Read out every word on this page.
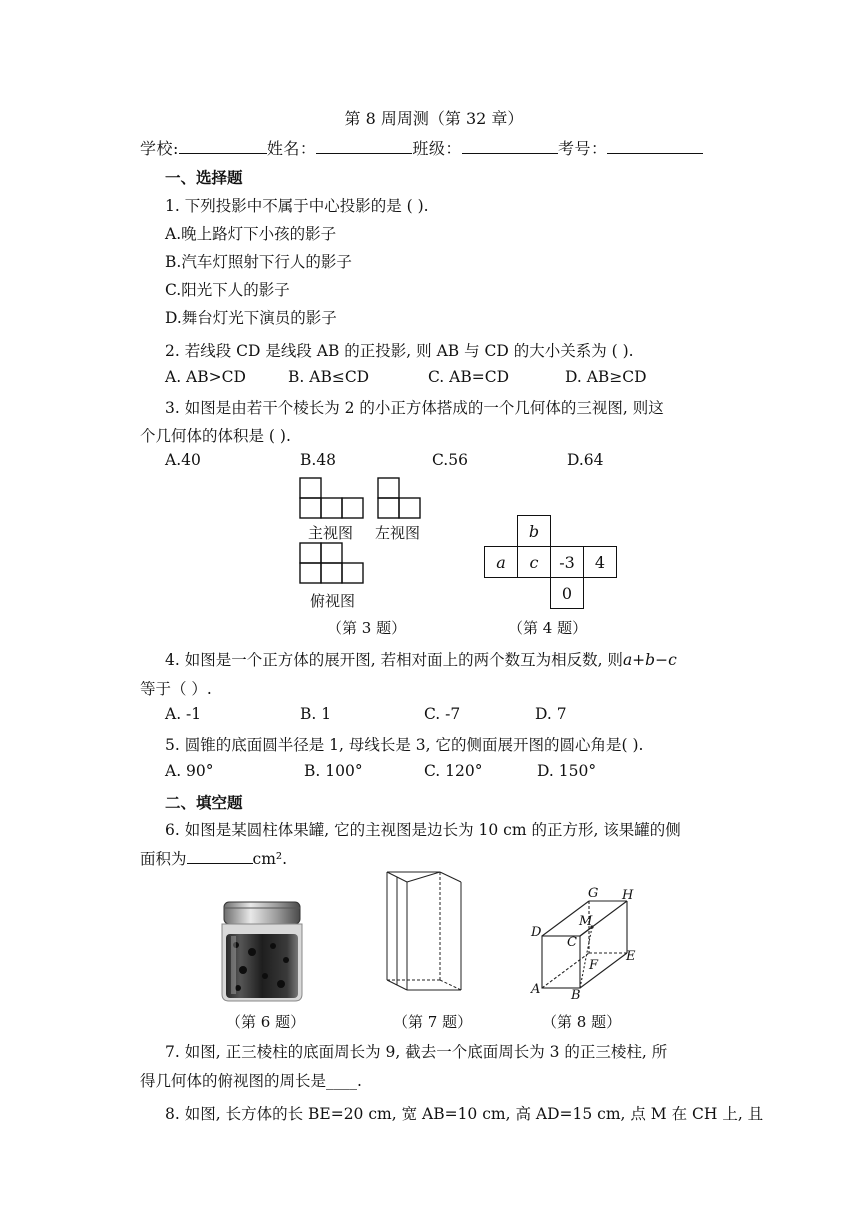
第 8 周周测（第 32 章）
学校:	姓名：	班级：	考号：
一、选择题
1. 下列投影中不属于中心投影的是 ( ).
A.晚上路灯下小孩的影子
B.汽车灯照射下行人的影子
C.阳光下人的影子
D.舞台灯光下演员的影子
2. 若线段 CD 是线段 AB 的正投影, 则 AB 与 CD 的大小关系为 ( ).
A. AB>CD	B. AB≤CD	C. AB=CD	D. AB≥CD
3. 如图是由若干个棱长为 2 的小正方体搭成的一个几何体的三视图, 则这
个几何体的体积是 ( ).
A.40	B.48	C.56	D.64
主视图 左视图
俯视图
（第 3 题）
	b		
a	c	-3	4
		0	
（第 4 题）
4. 如图是一个正方体的展开图, 若相对面上的两个数互为相反数, 则a+b−c
等于（ ）.
A. -1	B. 1	C. -7	D. 7
5. 圆锥的底面圆半径是 1, 母线长是 3, 它的侧面展开图的圆心角是( ).
A. 90°	B. 100°	C. 120°	D. 150°
二、填空题
6. 如图是某圆柱体果罐, 它的主视图是边长为 10 cm 的正方形, 该果罐的侧
面积为	cm².
（第 6 题）	（第 7 题）
G H
M
D
C
E
F
A B
（第 8 题）
7. 如图, 正三棱柱的底面周长为 9, 截去一个底面周长为 3 的正三棱柱, 所
得几何体的俯视图的周长是____.
8. 如图, 长方体的长 BE=20 cm, 宽 AB=10 cm, 高 AD=15 cm, 点 M 在 CH 上, 且
